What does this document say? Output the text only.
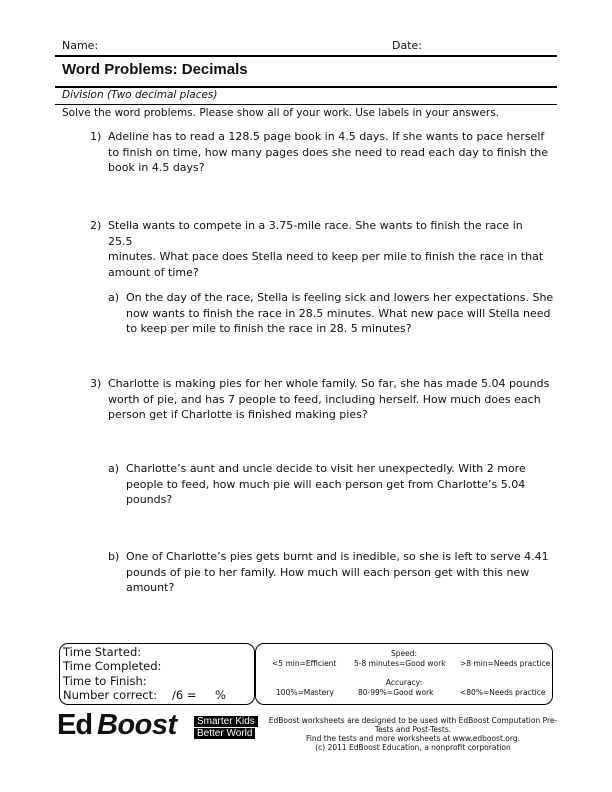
Name:	Date:
Word Problems: Decimals
Division (Two decimal places)
Solve the word problems. Please show all of your work. Use labels in your answers.
1) Adeline has to read a 128.5 page book in 4.5 days. If she wants to pace herself
to finish on time, how many pages does she need to read each day to finish the
book in 4.5 days?
2) Stella wants to compete in a 3.75-mile race. She wants to finish the race in 25.5
minutes. What pace does Stella need to keep per mile to finish the race in that
amount of time?
a) On the day of the race, Stella is feeling sick and lowers her expectations. She
now wants to finish the race in 28.5 minutes. What new pace will Stella need
to keep per mile to finish the race in 28. 5 minutes?
3) Charlotte is making pies for her whole family. So far, she has made 5.04 pounds
worth of pie, and has 7 people to feed, including herself. How much does each
person get if Charlotte is finished making pies?
a) Charlotte’s aunt and uncle decide to visit her unexpectedly. With 2 more
people to feed, how much pie will each person get from Charlotte’s 5.04
pounds?
b) One of Charlotte’s pies gets burnt and is inedible, so she is left to serve 4.41
pounds of pie to her family. How much will each person get with this new
amount?
Time Started:
Time Completed:
Time to Finish:
Number correct: /6 = %
Speed:
<5 min=Efficient 5-8 minutes=Good work >8 min=Needs practice
Accuracy:
100%=Mastery	80-99%=Good work	<80%=Needs practice
Ed Boost	Smarter Kids
Better World
EdBoost worksheets are designed to be used with EdBoost Computation Pre-Tests and Post-Tests.
Find the tests and more worksheets at www.edboost.org.
(c) 2011 EdBoost Education, a nonprofit corporation
